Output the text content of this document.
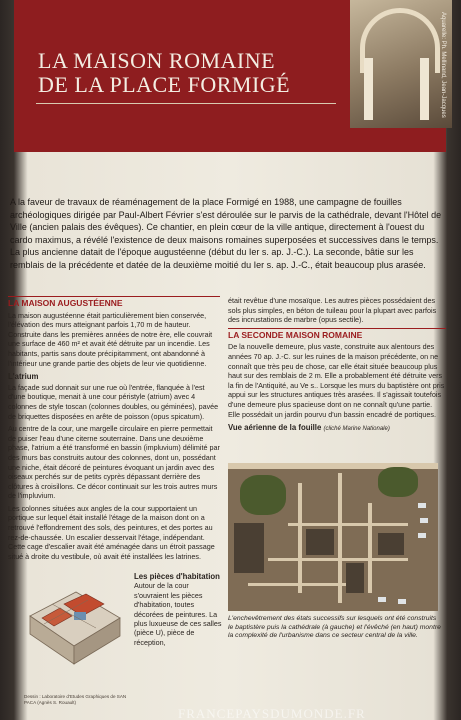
LA MAISON ROMAINE
DE LA PLACE FORMIGÉ	Aquarelle: Ph. Mellinand, Jean-Jacques

A la faveur de travaux de réaménagement de la place Formigé en 1988, une campagne de fouilles archéologiques dirigée par Paul-Albert Février s'est déroulée sur le parvis de la cathédrale, devant l'Hôtel de Ville (ancien palais des évêques). Ce chantier, en plein cœur de la ville antique, directement à l'ouest du cardo maximus, a révélé l'existence de deux maisons romaines superposées et successives dans le temps. La plus ancienne datait de l'époque augustéenne (début du Ier s. ap. J.-C.). La seconde, bâtie sur les remblais de la précédente et datée de la deuxième moitié du Ier s. ap. J.-C., était beaucoup plus arasée.

LA MAISON AUGUSTÉENNE

La maison augustéenne était particulièrement bien conservée, l'élévation des murs atteignant parfois 1,70 m de hauteur. Construite dans les premières années de notre ère, elle couvrait une surface de 460 m² et avait été détruite par un incendie. Les habitants, partis sans doute précipitamment, ont abandonné à l'intérieur une grande partie des objets de leur vie quotidienne.

L'atrium

La façade sud donnait sur une rue où l'entrée, flanquée à l'est d'une boutique, menait à une cour péristyle (atrium) avec 4 colonnes de style toscan (colonnes doubles, ou géminées), pavée de briquettes disposées en arête de poisson (opus spicatum).

Au centre de la cour, une margelle circulaire en pierre permettait de puiser l'eau d'une citerne souterraine. Dans une deuxième phase, l'atrium a été transformé en bassin (impluvium) délimité par des murs bas construits autour des colonnes, dont un, possédant une niche, était décoré de peintures évoquant un jardin avec des oiseaux perchés sur de petits cyprès dépassant derrière des clôtures à croisillons. Ce décor continuait sur les trois autres murs de l'impluvium.

Les colonnes situées aux angles de la cour supportaient un portique sur lequel était installé l'étage de la maison dont on a retrouvé l'effondrement des sols, des peintures, et des portes au rez-de-chaussée. Un escalier desservait l'étage, indépendant. Cette cage d'escalier avait été aménagée dans un étroit passage situé à droite du vestibule, où avait été installées les latrines.

Les pièces d'habitation

Autour de la cour s'ouvraient les pièces d'habitation, toutes décorées de peintures. La plus luxueuse de ces salles (pièce U), pièce de réception,

Dessin : Laboratoire d'Etudes Graphiques de SAN PACA (Agnès S. Rouault)

était revêtue d'une mosaïque. Les autres pièces possédaient des sols plus simples, en béton de tuileau pour la plupart avec parfois des incrustations de marbre (opus sectile).

LA SECONDE MAISON ROMAINE

De la nouvelle demeure, plus vaste, construite aux alentours des années 70 ap. J.-C. sur les ruines de la maison précédente, on ne connaît que très peu de chose, car elle était située beaucoup plus haut sur des remblais de 2 m. Elle a probablement été détruite vers la fin de l'Antiquité, au Ve s.. Lorsque les murs du baptistère ont pris appui sur les structures antiques très arasées. Il s'agissait toutefois d'une demeure plus spacieuse dont on ne connaît qu'une partie. Elle possédait un jardin pourvu d'un bassin encadré de portiques.

Vue aérienne de la fouille (cliché Marine Nationale)

L'enchevêtrement des états successifs sur lesquels ont été construits le baptistère puis la cathédrale (à gauche) et l'évêché (en haut) montre la complexité de l'urbanisme dans ce secteur central de la ville.

FRANCEPAYSDUMONDE.FR
